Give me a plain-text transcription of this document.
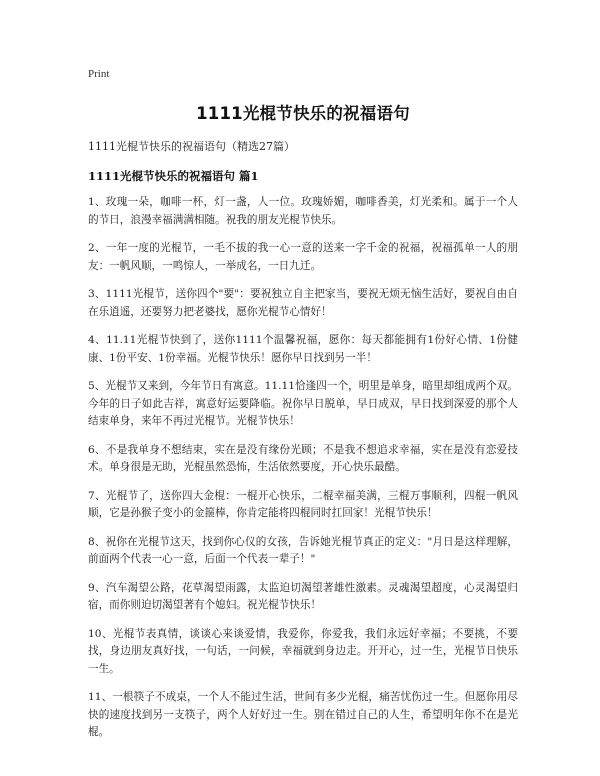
Print
1111光棍节快乐的祝福语句
1111光棍节快乐的祝福语句（精选27篇）
1111光棍节快乐的祝福语句 篇1

1、玫瑰一朵，咖啡一杯，灯一盏，人一位。玫瑰娇媚，咖啡香美，灯光柔和。属于一个人的节日，浪漫幸福满满相随。祝我的朋友光棍节快乐。

2、一年一度的光棍节，一毛不拔的我一心一意的送来一字千金的祝福，祝福孤单一人的朋友：一帆风顺，一鸣惊人，一举成名，一日九迁。

3、1111光棍节，送你四个"要"：要祝独立自主把家当，要祝无烦无恼生活好，要祝自由自在乐逍遥，还要努力把老婆找，愿你光棍节心情好！

4、11.11光棍节快到了，送你1111个温馨祝福，愿你：每天都能拥有1份好心情、1份健康、1份平安、1份幸福。光棍节快乐！愿你早日找到另一半！

5、光棍节又来到，今年节日有寓意。11.11恰逢四一个，明里是单身，暗里却组成两个双。今年的日子如此吉祥，寓意好运要降临。祝你早日脱单，早日成双，早日找到深爱的那个人结束单身，来年不再过光棍节。光棍节快乐！

6、不是我单身不想结束，实在是没有缘份光顾；不是我不想追求幸福，实在是没有恋爱技术。单身很是无助，光棍虽然恐怖，生活依然要度，开心快乐最酷。

7、光棍节了，送你四大金棍：一棍开心快乐，二棍幸福美满，三棍万事顺利，四棍一帆风顺，它是孙猴子变小的金箍棒，你肯定能将四棍同时扛回家！光棍节快乐！

8、祝你在光棍节这天，找到你心仪的女孩，告诉她光棍节真正的定义："月日是这样理解，前面两个代表一心一意，后面一个代表一辈子！"

9、汽车渴望公路，花草渴望雨露，太监迫切渴望著雄性激素。灵魂渴望超度，心灵渴望归宿，而你则迫切渴望著有个媳妇。祝光棍节快乐！

10、光棍节表真情，谈谈心来谈爱情，我爱你，你爱我，我们永远好幸福；不要挑，不要找，身边朋友真好找，一句话，一问候，幸福就到身边走。开开心，过一生，光棍节日快乐一生。

11、一根筷子不成桌，一个人不能过生活，世间有多少光棍，痛苦忧伤过一生。但愿你用尽快的速度找到另一支筷子，两个人好好过一生。别在错过自己的人生，希望明年你不在是光棍。
